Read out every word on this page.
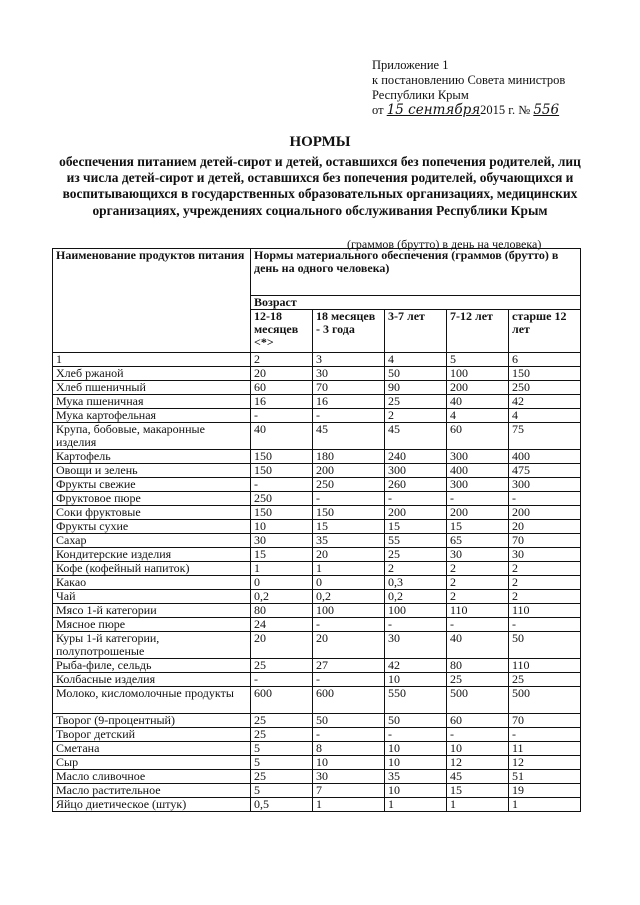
Приложение 1
к постановлению Совета министров
Республики Крым
от 15 сентября2015 г. № 556
НОРМЫ
обеспечения питанием детей-сирот и детей, оставшихся без попечения родителей, лиц из числа детей-сирот и детей, оставшихся без попечения родителей, обучающихся и воспитывающихся в государственных образовательных организациях, медицинских организациях, учреждениях социального обслуживания Республики Крым
(граммов (брутто) в день на человека)
Наименование продуктов питания	Нормы материального обеспечения (граммов (брутто) в день на одного человека)				
	Возраст				
	12-18 месяцев <*>	18 месяцев - 3 года	3-7 лет	7-12 лет	старше 12 лет
1	2	3	4	5	6
Хлеб ржаной	20	30	50	100	150
Хлеб пшеничный	60	70	90	200	250
Мука пшеничная	16	16	25	40	42
Мука картофельная	-	-	2	4	4
Крупа, бобовые, макаронные изделия	40	45	45	60	75
Картофель	150	180	240	300	400
Овощи и зелень	150	200	300	400	475
Фрукты свежие	-	250	260	300	300
Фруктовое пюре	250	-	-	-	-
Соки фруктовые	150	150	200	200	200
Фрукты сухие	10	15	15	15	20
Сахар	30	35	55	65	70
Кондитерские изделия	15	20	25	30	30
Кофе (кофейный напиток)	1	1	2	2	2
Какао	0	0	0,3	2	2
Чай	0,2	0,2	0,2	2	2
Мясо 1-й категории	80	100	100	110	110
Мясное пюре	24	-	-	-	-
Куры 1-й категории, полупотрошеные	20	20	30	40	50
Рыба-филе, сельдь	25	27	42	80	110
Колбасные изделия	-	-	10	25	25
Молоко, кисломолочные продукты	600	600	550	500	500
Творог (9-процентный)	25	50	50	60	70
Творог детский	25	-	-	-	-
Сметана	5	8	10	10	11
Сыр	5	10	10	12	12
Масло сливочное	25	30	35	45	51
Масло растительное	5	7	10	15	19
Яйцо диетическое (штук)	0,5	1	1	1	1
